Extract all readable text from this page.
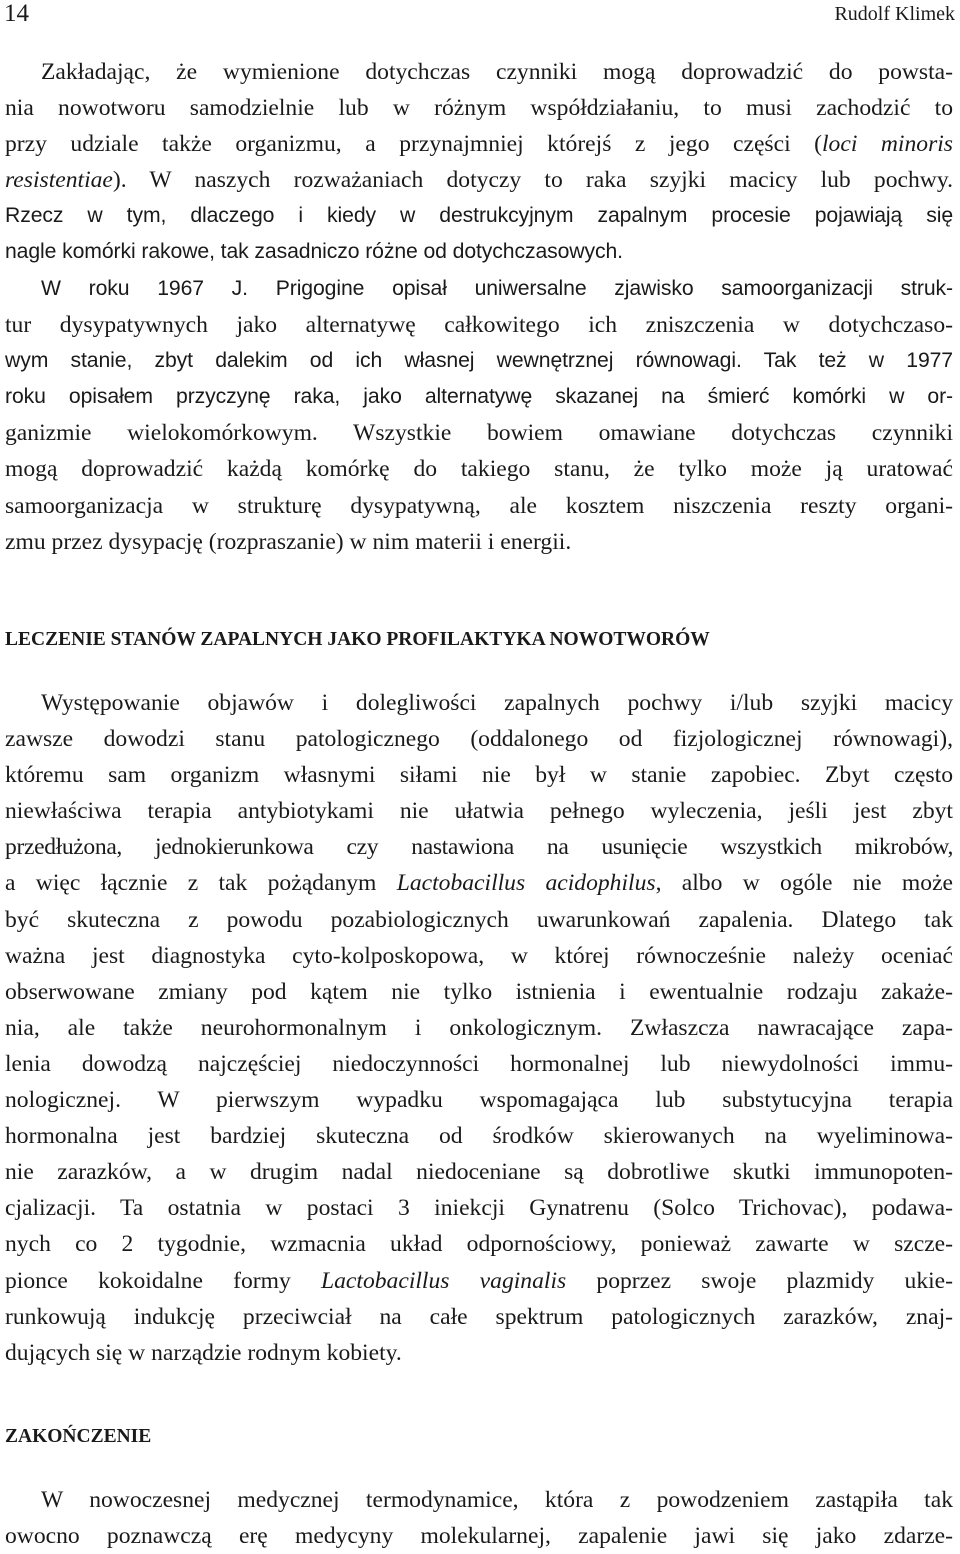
14	Rudolf Klimek
Zakładając, że wymienione dotychczas czynniki mogą doprowadzić do powsta-
nia nowotworu samodzielnie lub w różnym współdziałaniu, to musi zachodzić to
przy udziale także organizmu, a przynajmniej którejś z jego części (loci minoris
resistentiae). W naszych rozważaniach dotyczy to raka szyjki macicy lub pochwy.
Rzecz w tym, dlaczego i kiedy w destrukcyjnym zapalnym procesie pojawiają się
nagle komórki rakowe, tak zasadniczo różne od dotychczasowych.
W roku 1967 J. Prigogine opisał uniwersalne zjawisko samoorganizacji struk-
tur dysypatywnych jako alternatywę całkowitego ich zniszczenia w dotychczaso-
wym stanie, zbyt dalekim od ich własnej wewnętrznej równowagi. Tak też w 1977
roku opisałem przyczynę raka, jako alternatywę skazanej na śmierć komórki w or-
ganizmie wielokomórkowym. Wszystkie bowiem omawiane dotychczas czynniki
mogą doprowadzić każdą komórkę do takiego stanu, że tylko może ją uratować
samoorganizacja w strukturę dysypatywną, ale kosztem niszczenia reszty organi-
zmu przez dysypację (rozpraszanie) w nim materii i energii.
LECZENIE STANÓW ZAPALNYCH JAKO PROFILAKTYKA NOWOTWORÓW
Występowanie objawów i dolegliwości zapalnych pochwy i/lub szyjki macicy
zawsze dowodzi stanu patologicznego (oddalonego od fizjologicznej równowagi),
któremu sam organizm własnymi siłami nie był w stanie zapobiec. Zbyt często
niewłaściwa terapia antybiotykami nie ułatwia pełnego wyleczenia, jeśli jest zbyt
przedłużona, jednokierunkowa czy nastawiona na usunięcie wszystkich mikrobów,
a więc łącznie z tak pożądanym Lactobacillus acidophilus, albo w ogóle nie może
być skuteczna z powodu pozabiologicznych uwarunkowań zapalenia. Dlatego tak
ważna jest diagnostyka cyto-kolposkopowa, w której równocześnie należy oceniać
obserwowane zmiany pod kątem nie tylko istnienia i ewentualnie rodzaju zakaże-
nia, ale także neurohormonalnym i onkologicznym. Zwłaszcza nawracające zapa-
lenia dowodzą najczęściej niedoczynności hormonalnej lub niewydolności immu-
nologicznej. W pierwszym wypadku wspomagająca lub substytucyjna terapia
hormonalna jest bardziej skuteczna od środków skierowanych na wyeliminowa-
nie zarazków, a w drugim nadal niedoceniane są dobrotliwe skutki immunopoten-
cjalizacji. Ta ostatnia w postaci 3 iniekcji Gynatrenu (Solco Trichovac), podawa-
nych co 2 tygodnie, wzmacnia układ odpornościowy, ponieważ zawarte w szcze-
pionce kokoidalne formy Lactobacillus vaginalis poprzez swoje plazmidy ukie-
runkowują indukcję przeciwciał na całe spektrum patologicznych zarazków, znaj-
dujących się w narządzie rodnym kobiety.
ZAKOŃCZENIE
W nowoczesnej medycznej termodynamice, która z powodzeniem zastąpiła tak
owocno poznawczą erę medycyny molekularnej, zapalenie jawi się jako zdarze-
